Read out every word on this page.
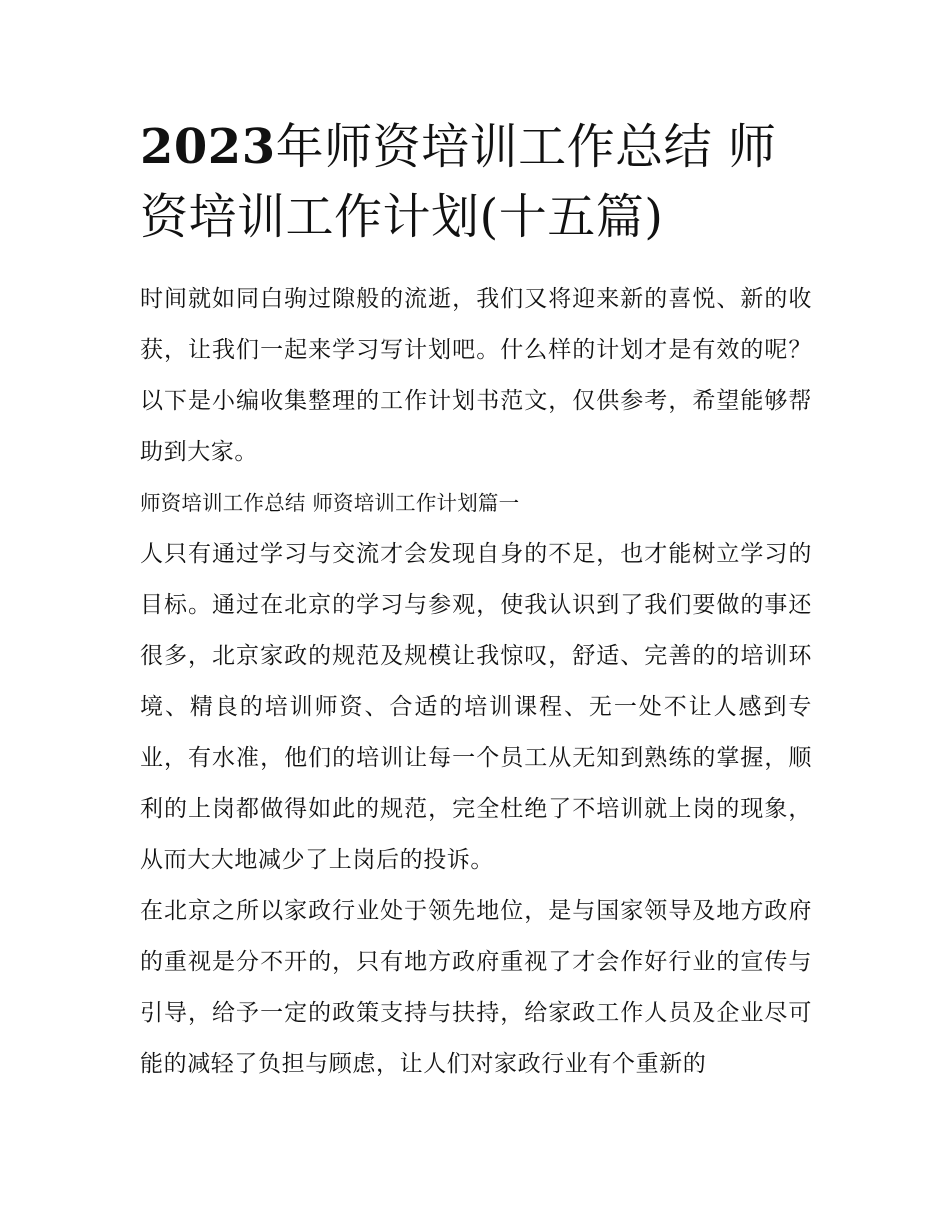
2023年师资培训工作总结 师资培训工作计划(十五篇)

时间就如同白驹过隙般的流逝，我们又将迎来新的喜悦、新的收获，让我们一起来学习写计划吧。什么样的计划才是有效的呢？以下是小编收集整理的工作计划书范文，仅供参考，希望能够帮助到大家。

师资培训工作总结 师资培训工作计划篇一

人只有通过学习与交流才会发现自身的不足，也才能树立学习的目标。通过在北京的学习与参观，使我认识到了我们要做的事还很多，北京家政的规范及规模让我惊叹，舒适、完善的的培训环境、精良的培训师资、合适的培训课程、无一处不让人感到专业，有水准，他们的培训让每一个员工从无知到熟练的掌握，顺利的上岗都做得如此的规范，完全杜绝了不培训就上岗的现象，从而大大地减少了上岗后的投诉。

在北京之所以家政行业处于领先地位，是与国家领导及地方政府的重视是分不开的，只有地方政府重视了才会作好行业的宣传与引导，给予一定的政策支持与扶持，给家政工作人员及企业尽可能的减轻了负担与顾虑，让人们对家政行业有个重新的
